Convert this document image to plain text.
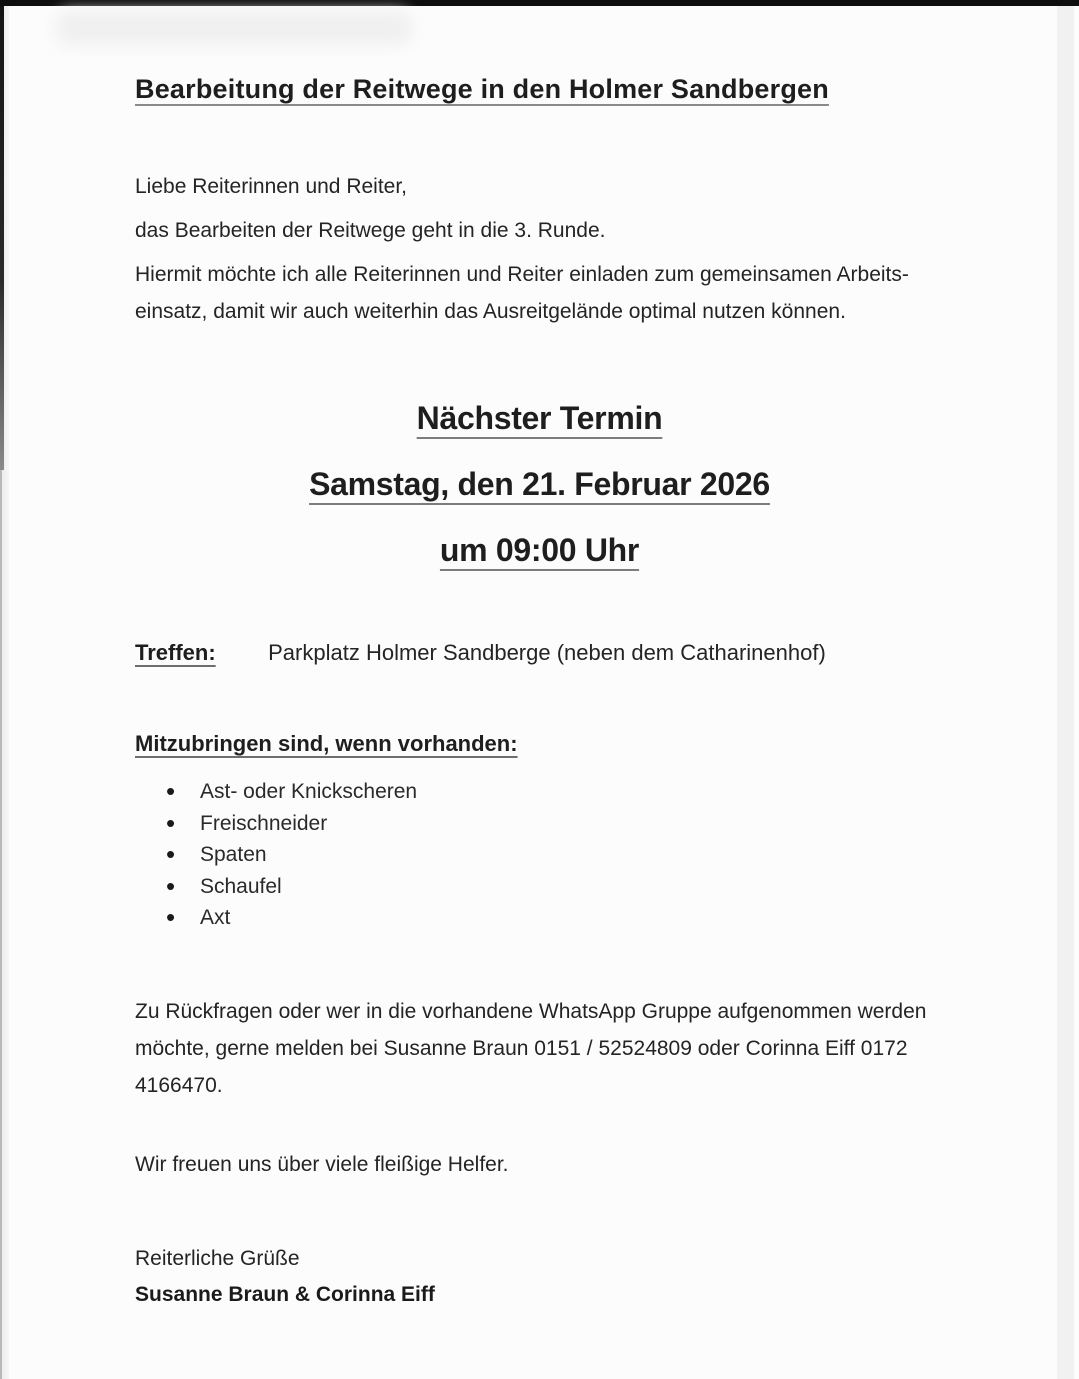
Bearbeitung der Reitwege in den Holmer Sandbergen
Liebe Reiterinnen und Reiter,
das Bearbeiten der Reitwege geht in die 3. Runde.
Hiermit möchte ich alle Reiterinnen und Reiter einladen zum gemeinsamen Arbeits-
einsatz, damit wir auch weiterhin das Ausreitgelände optimal nutzen können.
Nächster Termin
Samstag, den 21. Februar 2026
um 09:00 Uhr
Treffen: Parkplatz Holmer Sandberge (neben dem Catharinenhof)
Mitzubringen sind, wenn vorhanden:
• Ast- oder Knickscheren
• Freischneider
• Spaten
• Schaufel
• Axt
Zu Rückfragen oder wer in die vorhandene WhatsApp Gruppe aufgenommen werden
möchte, gerne melden bei Susanne Braun 0151 / 52524809 oder Corinna Eiff 0172
4166470.
Wir freuen uns über viele fleißige Helfer.
Reiterliche Grüße
Susanne Braun & Corinna Eiff
